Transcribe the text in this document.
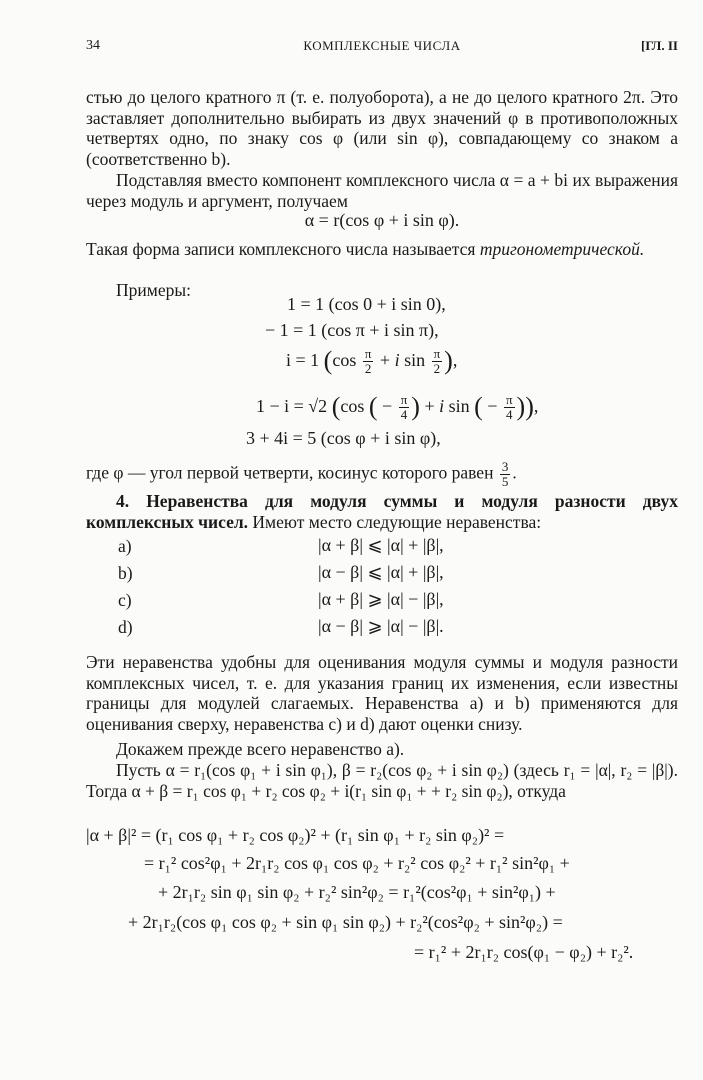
34	КОМПЛЕКСНЫЕ ЧИСЛА	[ГЛ. II
стью до целого кратного π (т. е. полуоборота), а не до целого кратного 2π. Это заставляет дополнительно выбирать из двух значений φ в противоположных четвертях одно, по знаку cos φ (или sin φ), совпадающему со знаком a (соответственно b).
Подставляя вместо компонент комплексного числа α = a + bi их выражения через модуль и аргумент, получаем
α = r(cos φ + i sin φ).
Такая форма записи комплексного числа называется тригонометрической.
Примеры:
1 = 1 (cos 0 + i sin 0),
− 1 = 1 (cos π + i sin π),
i = 1 ($\cos \frac{\pi}{2} + i$ $\sin \frac{\pi}{2}$ ),
1 − i = √2 (cos ( − $\frac{\pi}{4}$ ) + i sin ( − $\frac{\pi}{4}$ )),
3 + 4i = 5 (cos φ + i sin φ),
где φ — угол первой четверти, косинус которого равен $\frac{3}{5}$ .
4. Неравенства для модуля суммы и модуля разности двух комплексных чисел. Имеют место следующие неравенства:
a)	|α + β| ⩽ |α| + |β|,
b)	|α − β| ⩽ |α| + |β|,
c)	|α + β| ⩾ |α| − |β|,
d)	|α − β| ⩾ |α| − |β|.
Эти неравенства удобны для оценивания модуля суммы и модуля разности комплексных чисел, т. е. для указания границ их изменения, если известны границы для модулей слагаемых. Неравенства a) и b) применяются для оценивания сверху, неравенства c) и d) дают оценки снизу.
Докажем прежде всего неравенство a).
Пусть α = r₁(cos φ₁ + i sin φ₁), β = r₂(cos φ₂ + i sin φ₂) (здесь r₁ = |α|, r₂ = |β|). Тогда α + β = r₁ cos φ₁ + r₂ cos φ₂ + i(r₁ sin φ₁ + + r₂ sin φ₂), откуда
|α + β|² = (r₁ cos φ₁ + r₂ cos φ₂)² + (r₁ sin φ₁ + r₂ sin φ₂)² =
= r₁² cos²φ₁ + 2r₁r₂ cos φ₁ cos φ₂ + r₂² cos φ₂² + r₁² sin²φ₁ +
+ 2r₁r₂ sin φ₁ sin φ₂ + r₂² sin²φ₂ = r₁²(cos²φ₁ + sin²φ₁) +
+ 2r₁r₂(cos φ₁ cos φ₂ + sin φ₁ sin φ₂) + r₂²(cos²φ₂ + sin²φ₂) =
= r₁² + 2r₁r₂ cos(φ₁ − φ₂) + r₂².
